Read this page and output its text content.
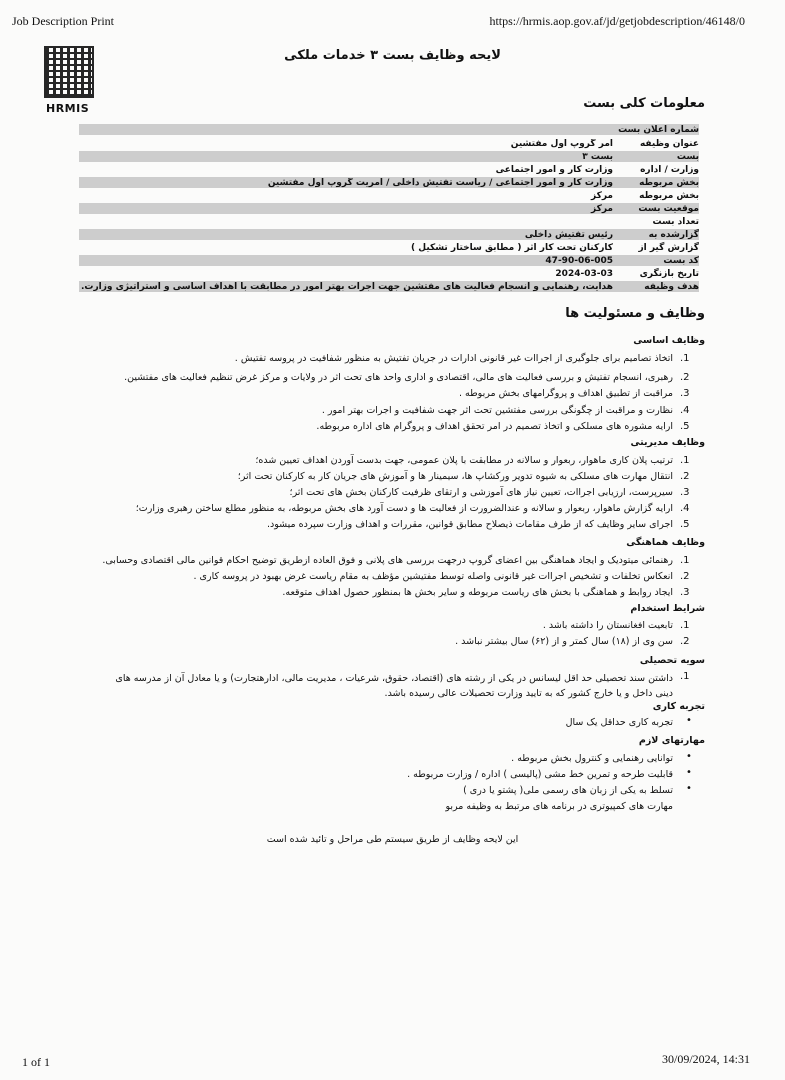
Job Description Print	https://hrmis.aop.gov.af/jd/getjobdescription/46148/0
HRMIS
لایحه وظایف بست ۳ خدمات ملکی
معلومات کلی بست
شماره اعلان بست
عنوان وظیفه
آمر گروپ اول مفتشین
بست
بست ۳
وزارت / اداره
وزارت کار و امور اجتماعی
بخش مربوطه
وزارت کار و امور اجتماعی / ریاست تفتیش داخلی / آمریت گروپ اول مفتشین
بخش مربوطه
مرکز
موقعیت بست
مرکز
تعداد بست
گزارشده به
رئیس تفتیش داخلی
گزارش گیر از
کارکنان تحت کار اثر ( مطابق ساختار تشکیل )
کد بست
47-90-06-005
تاریخ بازنگری
2024-03-03
هدف وظیفه
هدایت، رهنمایی و انسجام فعالیت های مفتشین جهت اجرات بهتر امور در مطابقت با اهداف اساسی و استراتیژی وزارت.
وظایف و مسئولیت ها
وظایف اساسی
اتخاذ تصامیم برای جلوگیری از اجراات غیر قانونی ادارات در جریان تفتیش به منظور شفافیت در پروسه تفتیش . .1
رهبری، انسجام تفتیش و بررسی فعالیت های مالی، اقتصادی و اداری واحد های تحت اثر در ولایات و مرکز غرض تنظیم فعالیت های مفتشین. .2
مراقبت از تطبیق اهداف و پروگرامهای بخش مربوطه . .3
نظارت و مراقبت از چگونگی بررسی مفتشین تحت اثر جهت شفافیت و اجرات بهتر امور . .4
ارایه مشوره های مسلکی و اتخاذ تصمیم در امر تحقق اهداف و پروگرام های اداره مربوطه. .5
وظایف مدیریتی
ترتیب پلان کاری ماهوار، ربعوار و سالانه در مطابقت با پلان عمومی، جهت بدست آوردن اهداف تعیین شده؛ .1
انتقال مهارت های مسلکی به شیوه تدویر ورکشاپ ها، سیمینار ها و آموزش های جریان کار به کارکنان تحت اثر؛ .2
سیرپرست، ارزیابی اجراات، تعیین نیاز های آموزشی و ارتقای ظرفیت کارکنان بخش های تحت اثر؛ .3
ارایه گزارش ماهوار، ربعوار و سالانه و عندالضرورت از فعالیت ها و دست آورد های بخش مربوطه، به منظور مطلع ساختن رهبری وزارت؛ .4
اجرای سایر وظایف که از طرف مقامات ذیصلاح مطابق قوانین، مقررات و اهداف وزارت سپرده میشود. .5
وظایف هماهنگی
رهنمائی میتودیک و ایجاد هماهنگی بین اعضای گروپ درجهت بررسی های پلانی و فوق العاده ازطریق توضیح احکام قوانین مالی اقتصادی وحسابی. .1
انعکاس تخلفات و تشخیص اجراات غیر قانونی واصله توسط مفتیشین مؤظف به مقام ریاست غرض بهبود در پروسه کاری . .2
ایجاد روابط و هماهنگی با بخش های ریاست مربوطه و سایر بخش ها بمنظور حصول اهداف متوقعه. .3
شرایط استخدام
تابعیت افغانستان را داشته باشد . .1
سن وی از (۱۸) سال کمتر و از (۶۲) سال بیشتر نباشد . .2
سویه تحصیلی
داشتن سند تحصیلی حد اقل لیسانس در یکی از رشته های (اقتصاد، حقوق، شرعیات ، مدیریت مالی، ادارهتجارت) و یا معادل آن از مدرسه های دینی داخل و یا خارج کشور که به تایید وزارت تحصیلات عالی رسیده باشد.
.1
تجربه کاری
تجربه کاری حداقل یک سال •
مهارتهای لازم
توانایی رهنمایی و کنترول بخش مربوطه . •
قابلیت طرحه و تمرین خط مشی (پالیسی ) اداره / وزارت مربوطه . •
تسلط به یکی از زبان های رسمی ملی( پشتو یا دری ) •
مهارت های کمپیوتری در برنامه های مرتبط به وظیفه مربو
این لایحه وظایف از طریق سیستم طی مراحل و تائید شده است
1 of 1	30/09/2024, 14:31
